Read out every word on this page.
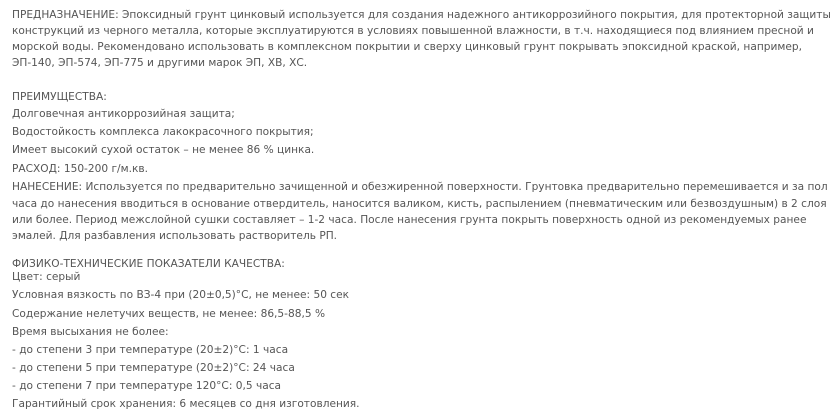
ПРЕДНАЗНАЧЕНИЕ: Эпоксидный грунт цинковый используется для создания надежного антикоррозийного покрытия, для протекторной защиты
конструкций из черного металла, которые эксплуатируются в условиях повышенной влажности, в т.ч. находящиеся под влиянием пресной и
морской воды. Рекомендовано использовать в комплексном покрытии и сверху цинковый грунт покрывать эпоксидной краской, например,
ЭП-140, ЭП-574, ЭП-775 и другими марок ЭП, ХВ, ХС.
ПРЕИМУЩЕСТВА:
Долговечная антикоррозийная защита;
Водостойкость комплекса лакокрасочного покрытия;
Имеет высокий сухой остаток – не менее 86 % цинка.
РАСХОД: 150-200 г/м.кв.
НАНЕСЕНИЕ: Используется по предварительно зачищенной и обезжиренной поверхности. Грунтовка предварительно перемешивается и за пол
часа до нанесения вводиться в основание отвердитель, наносится валиком, кисть, распылением (пневматическим или безвоздушным) в 2 слоя
или более. Период межслойной сушки составляет – 1-2 часа. После нанесения грунта покрыть поверхность одной из рекомендуемых ранее
эмалей. Для разбавления использовать растворитель РП.
ФИЗИКО-ТЕХНИЧЕСКИЕ ПОКАЗАТЕЛИ КАЧЕСТВА:
Цвет: серый
Условная вязкость по ВЗ-4 при (20±0,5)°С, не менее: 50 сек
Содержание нелетучих веществ, не менее: 86,5-88,5 %
Время высыхания не более:
- до степени 3 при температуре (20±2)°С: 1 часа
- до степени 5 при температуре (20±2)°С: 24 часа
- до степени 7 при температуре 120°С: 0,5 часа
Гарантийный срок хранения: 6 месяцев со дня изготовления.
